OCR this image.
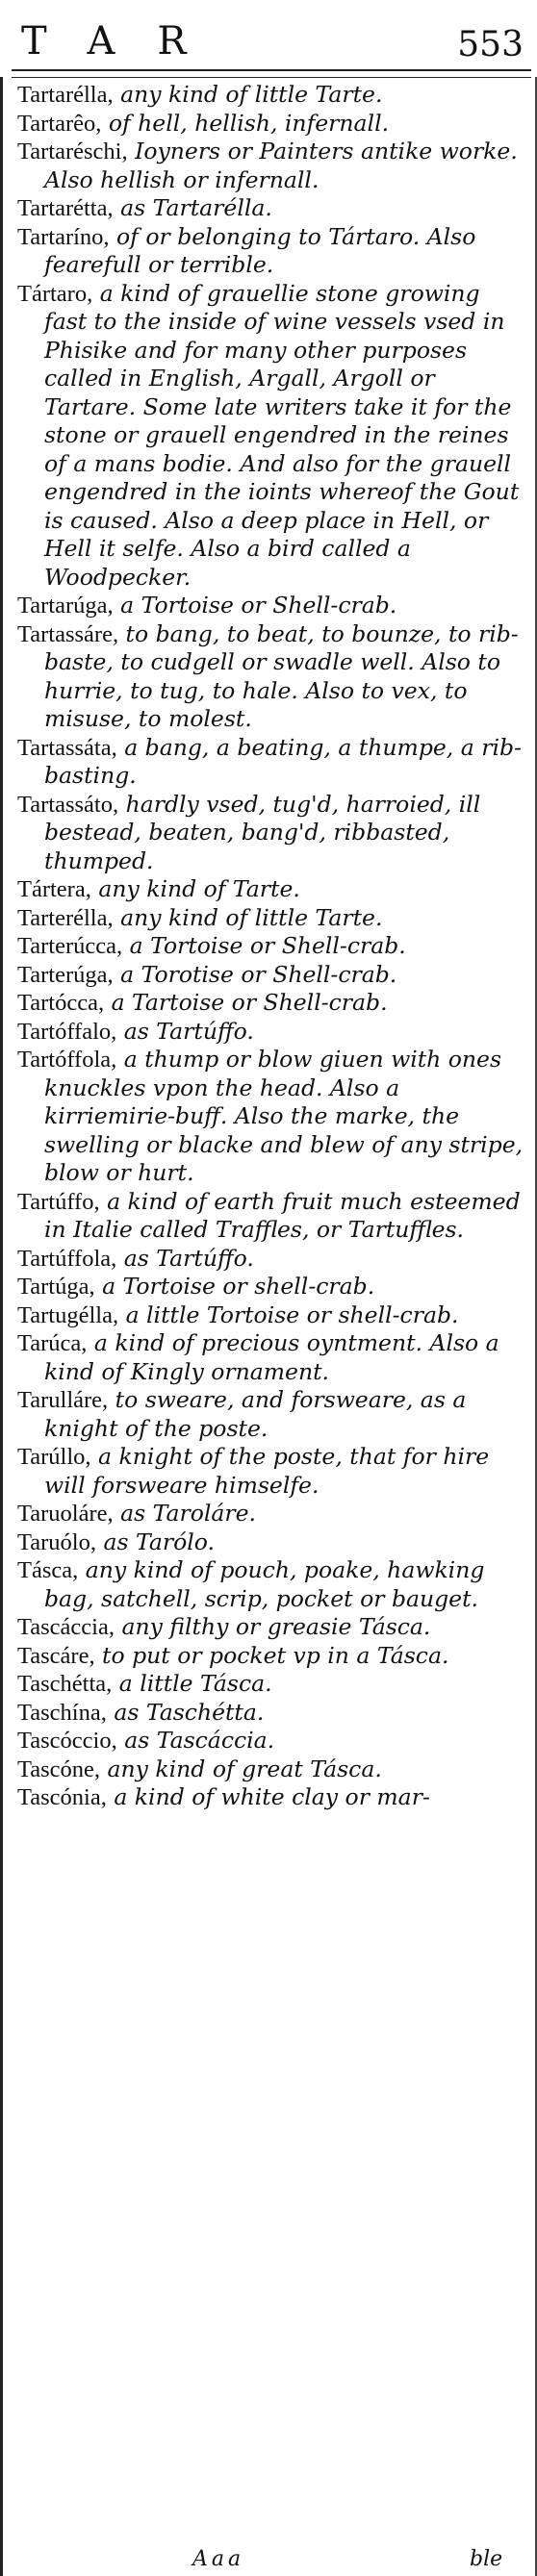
TAR	553
Tartarélla, any kind of little Tarte.
Tartarêo, of hell, hellish, infernall.
Tartaréschi, Ioyners or Painters antike worke. Also hellish or infernall.
Tartarétta, as Tartarélla.
Tartaríno, of or belonging to Tártaro. Also fearefull or terrible.
Tártaro, a kind of grauellie stone growing fast to the inside of wine vessels vsed in Phisike and for many other purposes called in English, Argall, Argoll or Tartare. Some late writers take it for the stone or grauell engendred in the reines of a mans bodie. And also for the grauell engendred in the ioints whereof the Gout is caused. Also a deep place in Hell, or Hell it selfe. Also a bird called a Woodpecker.
Tartarúga, a Tortoise or Shell-crab.
Tartassáre, to bang, to beat, to bounze, to rib-baste, to cudgell or swadle well. Also to hurrie, to tug, to hale. Also to vex, to misuse, to molest.
Tartassáta, a bang, a beating, a thumpe, a rib-basting.
Tartassáto, hardly vsed, tug'd, harroied, ill bestead, beaten, bang'd, ribbasted, thumped.
Tártera, any kind of Tarte.
Tarterélla, any kind of little Tarte.
Tarterúcca, a Tortoise or Shell-crab.
Tarterúga, a Torotise or Shell-crab.
Tartócca, a Tartoise or Shell-crab.
Tartóffalo, as Tartúffo.
Tartóffola, a thump or blow giuen with ones knuckles vpon the head. Also a kirriemirie-buff. Also the marke, the swelling or blacke and blew of any stripe, blow or hurt.
Tartúffo, a kind of earth fruit much esteemed in Italie called Traffles, or Tartuffles.
Tartúffola, as Tartúffo.
Tartúga, a Tortoise or shell-crab.
Tartugélla, a little Tortoise or shell-crab.
Tarúca, a kind of precious oyntment. Also a kind of Kingly ornament.
Tarulláre, to sweare, and forsweare, as a knight of the poste.
Tarúllo, a knight of the poste, that for hire will forsweare himselfe.
Taruoláre, as Taroláre.
Taruólo, as Tarólo.
Tásca, any kind of pouch, poake, hawking bag, satchell, scrip, pocket or bauget.
Tascáccia, any filthy or greasie Tásca.
Tascáre, to put or pocket vp in a Tásca.
Taschétta, a little Tásca.
Taschína, as Taschétta.
Tascóccio, as Tascáccia.
Tascóne, any kind of great Tásca.
Tascónia, a kind of white clay or mar-
Aaa	ble
